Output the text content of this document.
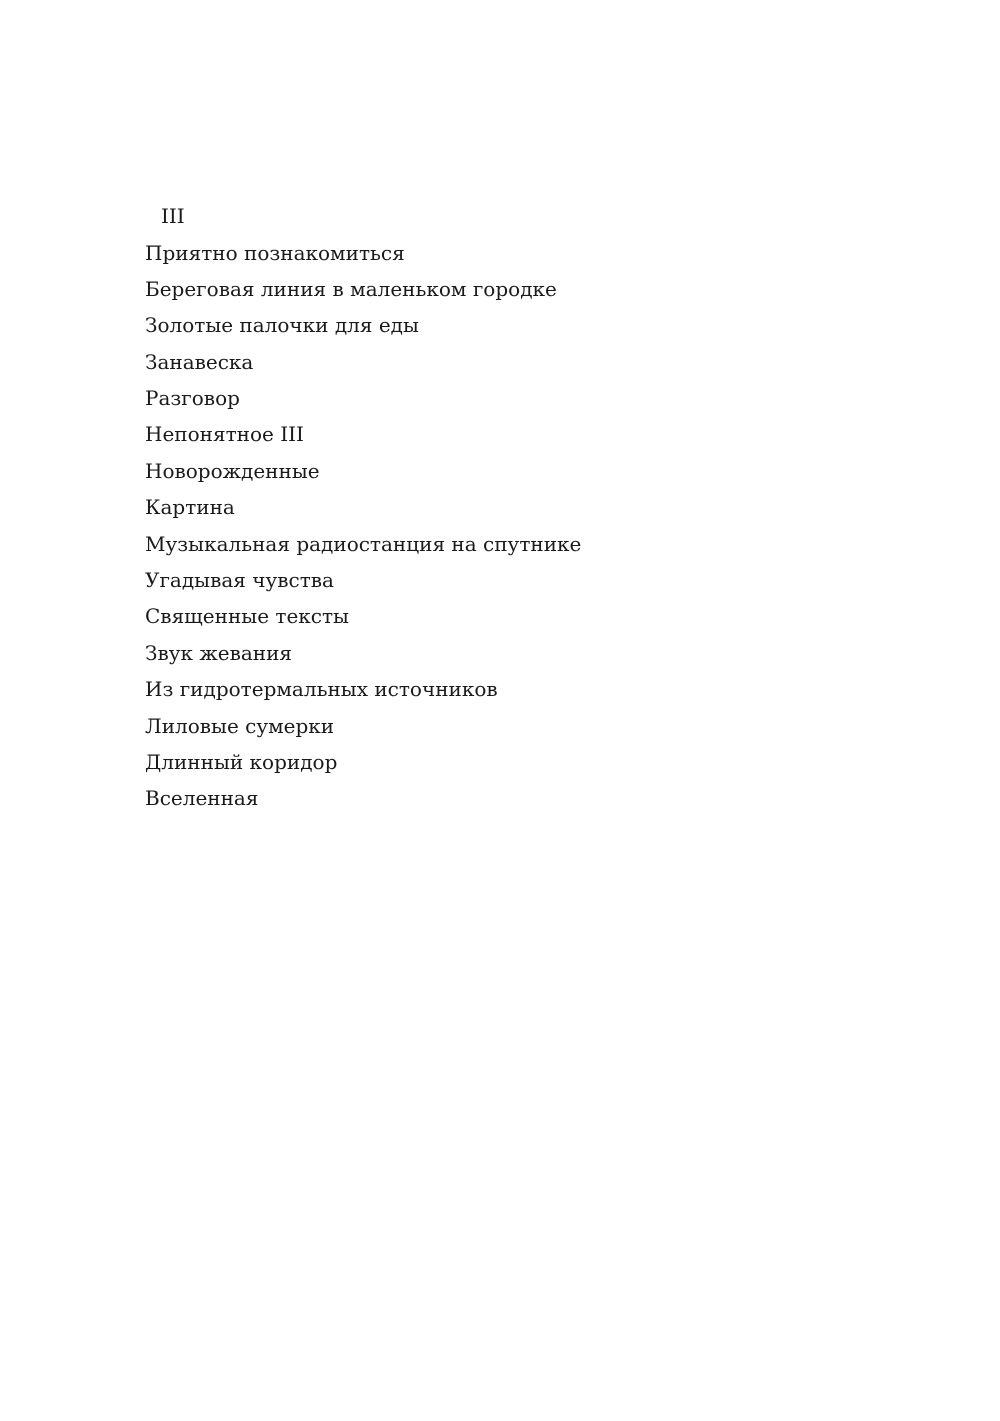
III
Приятно познакомиться
Береговая линия в маленьком городке
Золотые палочки для еды
Занавеска
Разговор
Непонятное III
Новорожденные
Картина
Музыкальная радиостанция на спутнике
Угадывая чувства
Священные тексты
Звук жевания
Из гидротермальных источников
Лиловые сумерки
Длинный коридор
Вселенная
